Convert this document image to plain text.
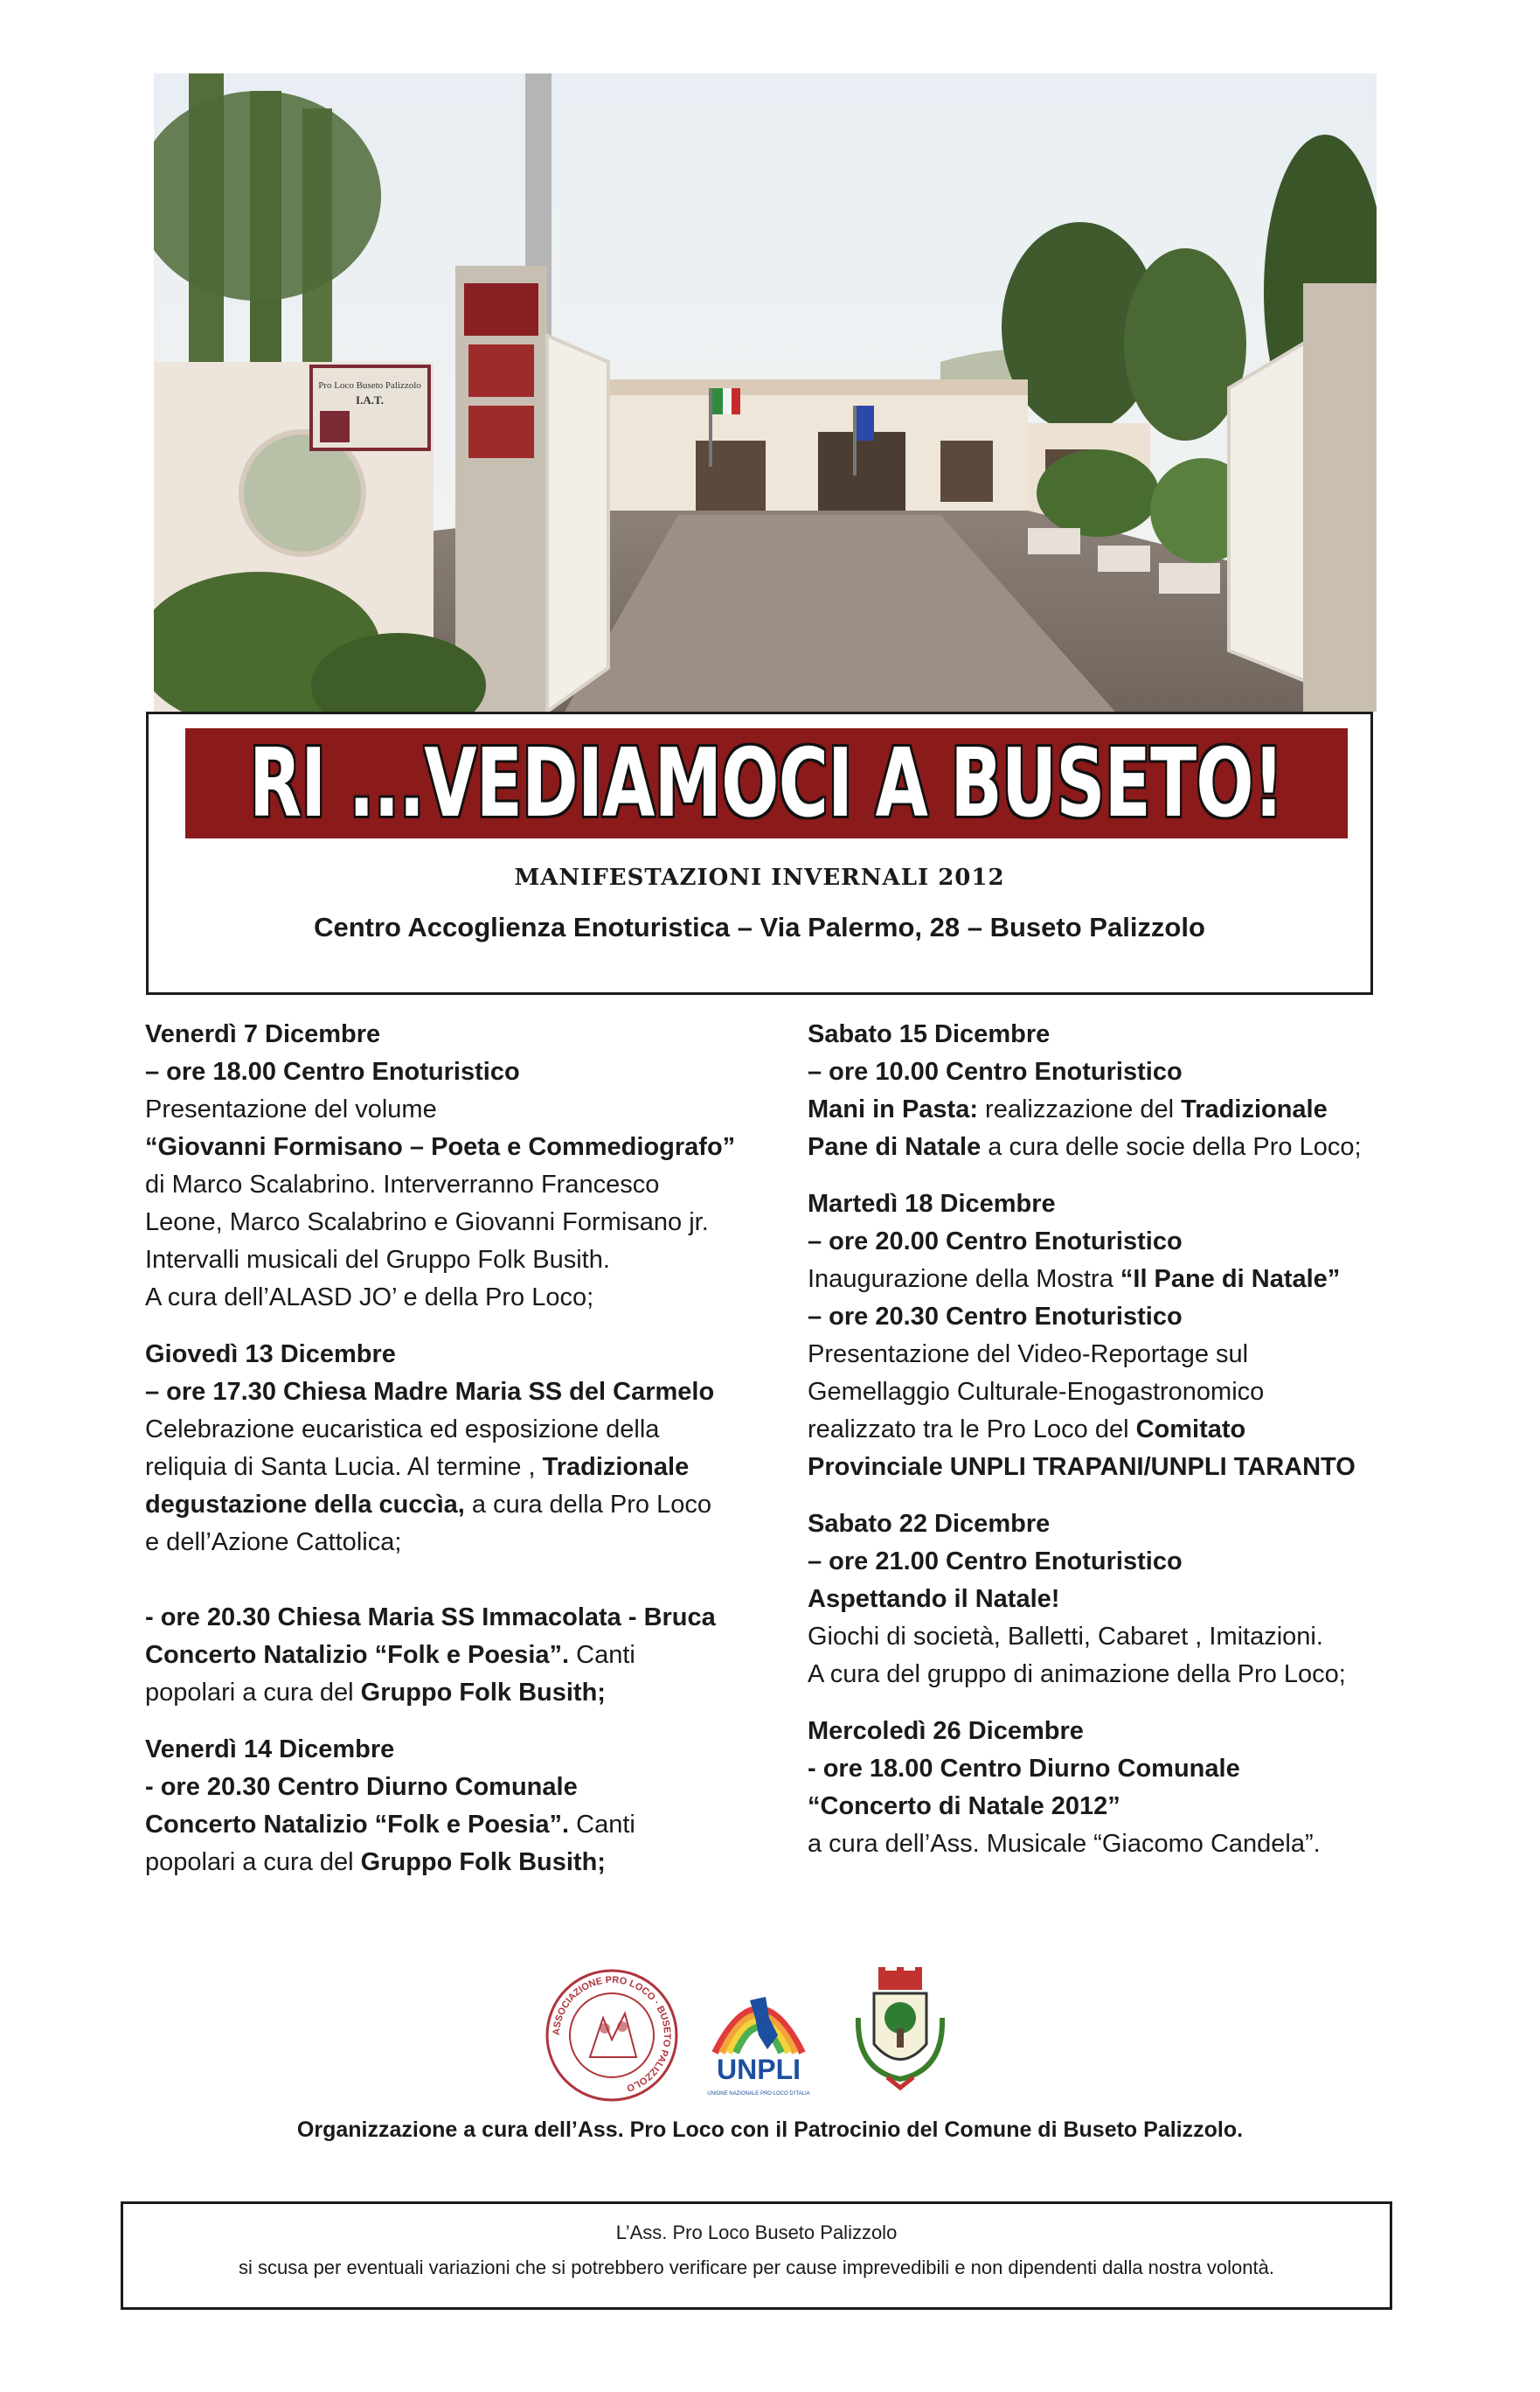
Pro Loco Buseto Palizzolo
I.A.T.
RI ...VEDIAMOCI A BUSETO!
MANIFESTAZIONI INVERNALI 2012
Centro Accoglienza Enoturistica – Via Palermo, 28 – Buseto Palizzolo

Venerdì 7 Dicembre

– ore 18.00 Centro Enoturistico

Presentazione del volume

“Giovanni Formisano – Poeta e Commediografo”

di Marco Scalabrino. Interverranno Francesco

Leone, Marco Scalabrino e Giovanni Formisano jr.

Intervalli musicali del Gruppo Folk Busith.

A cura dell’ALASD JO’ e della Pro Loco;

Giovedì 13 Dicembre

– ore 17.30 Chiesa Madre Maria SS del Carmelo

Celebrazione eucaristica ed esposizione della

reliquia di Santa Lucia. Al termine , Tradizionale

degustazione della cuccìa, a cura della Pro Loco

e dell’Azione Cattolica;

- ore 20.30 Chiesa Maria SS Immacolata - Bruca

Concerto Natalizio “Folk e Poesia”. Canti

popolari a cura del Gruppo Folk Busith;

Venerdì 14 Dicembre

- ore 20.30 Centro Diurno Comunale

Concerto Natalizio “Folk e Poesia”. Canti

popolari a cura del Gruppo Folk Busith;

Sabato 15 Dicembre

– ore 10.00 Centro Enoturistico

Mani in Pasta: realizzazione del Tradizionale

Pane di Natale a cura delle socie della Pro Loco;

Martedì 18 Dicembre

– ore 20.00 Centro Enoturistico

Inaugurazione della Mostra “Il Pane di Natale”

– ore 20.30 Centro Enoturistico

Presentazione del Video-Reportage sul

Gemellaggio Culturale-Enogastronomico

realizzato tra le Pro Loco del Comitato

Provinciale UNPLI TRAPANI/UNPLI TARANTO

Sabato 22 Dicembre

– ore 21.00 Centro Enoturistico

Aspettando il Natale!

Giochi di società, Balletti, Cabaret , Imitazioni.

A cura del gruppo di animazione della Pro Loco;

Mercoledì 26 Dicembre

- ore 18.00 Centro Diurno Comunale

“Concerto di Natale 2012”

a cura dell’Ass. Musicale “Giacomo Candela”.

ASSOCIAZIONE PRO LOCO · BUSETO PALIZZOLO
UNPLI
UNIONE NAZIONALE PRO LOCO D'ITALIA
Organizzazione a cura dell’Ass. Pro Loco con il Patrocinio del Comune di Buseto Palizzolo.

L’Ass. Pro Loco Buseto Palizzolo

si scusa per eventuali variazioni che si potrebbero verificare per cause imprevedibili e non dipendenti dalla nostra volontà.
